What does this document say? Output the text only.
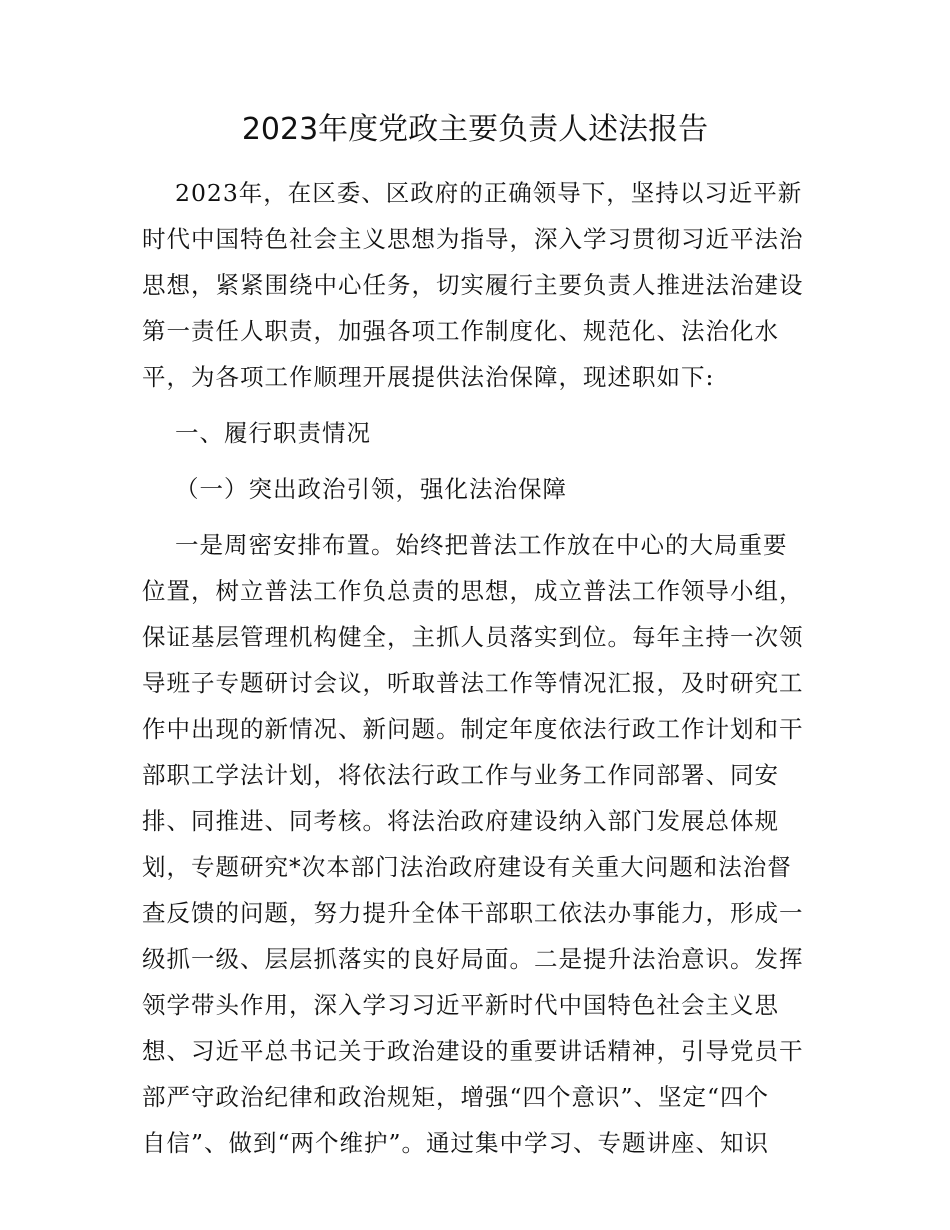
2023年度党政主要负责人述法报告
2023年，在区委、区政府的正确领导下，坚持以习近平新
时代中国特色社会主义思想为指导，深入学习贯彻习近平法治
思想，紧紧围绕中心任务，切实履行主要负责人推进法治建设
第一责任人职责，加强各项工作制度化、规范化、法治化水
平，为各项工作顺理开展提供法治保障，现述职如下:
一、履行职责情况
（一）突出政治引领，强化法治保障
一是周密安排布置。始终把普法工作放在中心的大局重要
位置，树立普法工作负总责的思想，成立普法工作领导小组，
保证基层管理机构健全，主抓人员落实到位。每年主持一次领
导班子专题研讨会议，听取普法工作等情况汇报，及时研究工
作中出现的新情况、新问题。制定年度依法行政工作计划和干
部职工学法计划，将依法行政工作与业务工作同部署、同安
排、同推进、同考核。将法治政府建设纳入部门发展总体规
划，专题研究*次本部门法治政府建设有关重大问题和法治督
查反馈的问题，努力提升全体干部职工依法办事能力，形成一
级抓一级、层层抓落实的良好局面。二是提升法治意识。发挥
领学带头作用，深入学习习近平新时代中国特色社会主义思
想、习近平总书记关于政治建设的重要讲话精神，引导党员干
部严守政治纪律和政治规矩，增强“四个意识”、坚定“四个
自信”、做到“两个维护”。通过集中学习、专题讲座、知识
